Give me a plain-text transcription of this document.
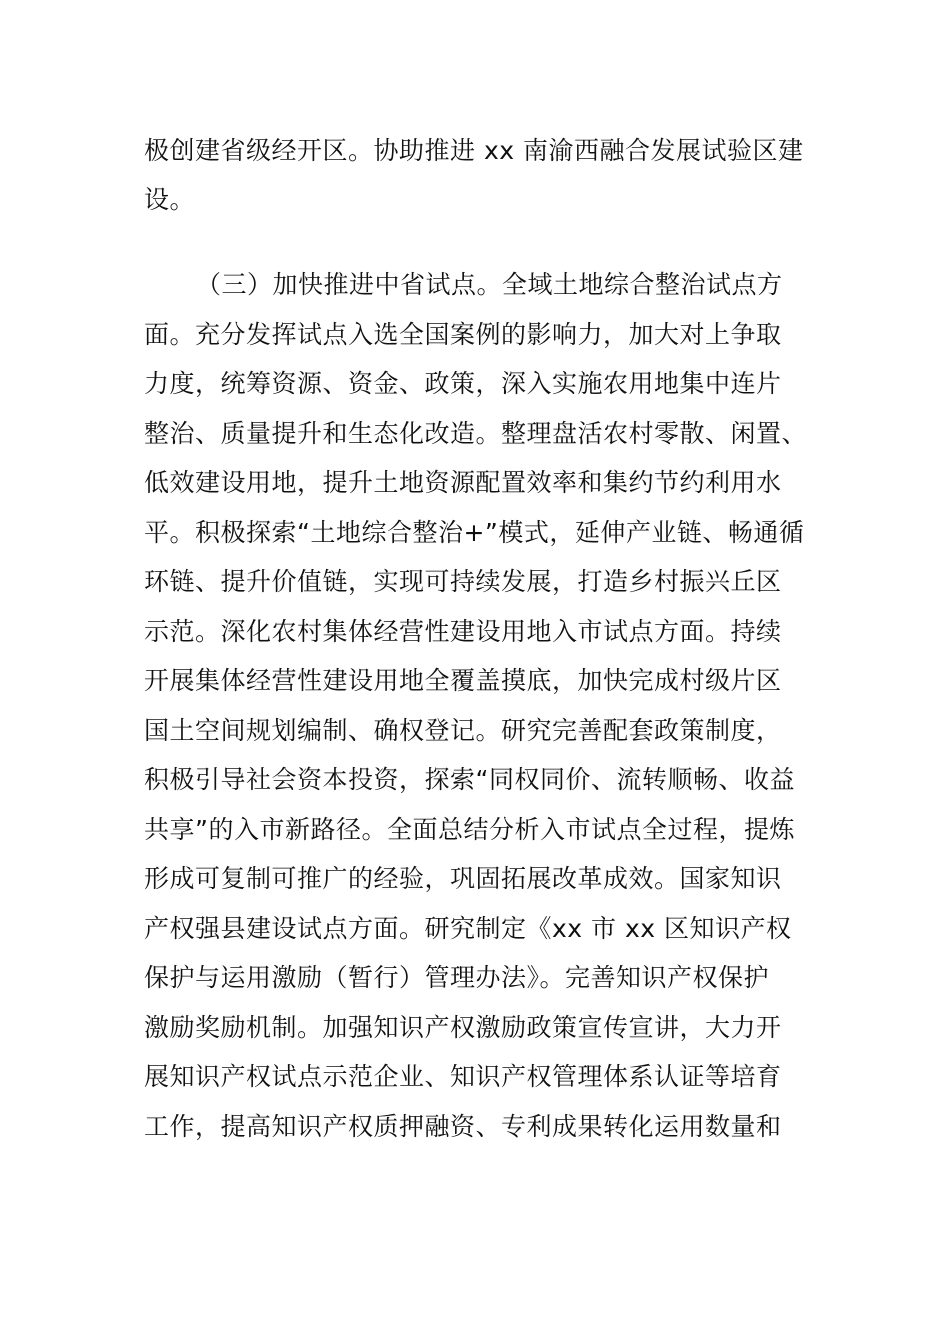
极创建省级经开区。协助推进 xx 南渝西融合发展试验区建
设。
（三）加快推进中省试点。全域土地综合整治试点方
面。充分发挥试点入选全国案例的影响力，加大对上争取
力度，统筹资源、资金、政策，深入实施农用地集中连片
整治、质量提升和生态化改造。整理盘活农村零散、闲置、
低效建设用地，提升土地资源配置效率和集约节约利用水
平。积极探索“土地综合整治+”模式，延伸产业链、畅通循
环链、提升价值链，实现可持续发展，打造乡村振兴丘区
示范。深化农村集体经营性建设用地入市试点方面。持续
开展集体经营性建设用地全覆盖摸底，加快完成村级片区
国土空间规划编制、确权登记。研究完善配套政策制度，
积极引导社会资本投资，探索“同权同价、流转顺畅、收益
共享”的入市新路径。全面总结分析入市试点全过程，提炼
形成可复制可推广的经验，巩固拓展改革成效。国家知识
产权强县建设试点方面。研究制定《xx 市 xx 区知识产权
保护与运用激励（暂行）管理办法》。完善知识产权保护
激励奖励机制。加强知识产权激励政策宣传宣讲，大力开
展知识产权试点示范企业、知识产权管理体系认证等培育
工作，提高知识产权质押融资、专利成果转化运用数量和
